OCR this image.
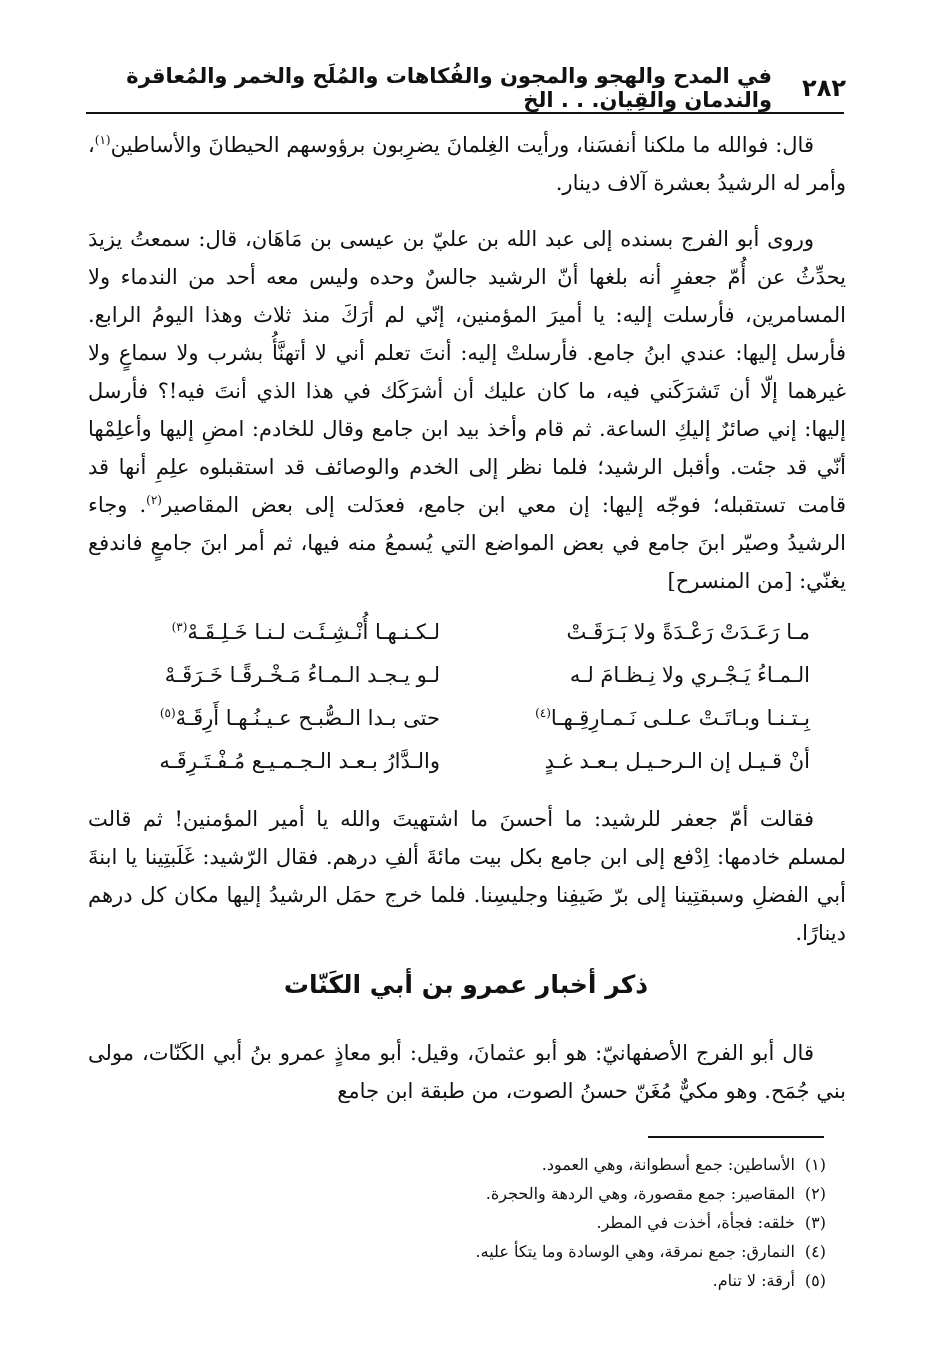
٢٨٢
في المدح والهجو والمجون والفُكاهات والمُلَح والخمر والمُعاقرة والندمان والقِيان. . . الخ

قال: فوالله ما ملكنا أنفسَنا، ورأيت الغِلمانَ يضرِبون برؤوسهم الحيطانَ والأساطين$^{(١)}$، وأمر له الرشيدُ بعشرة آلاف دينار.

وروى أبو الفرج بسنده إلى عبد الله بن عليّ بن عيسى بن مَاهَان، قال: سمعتُ يزيدَ يحدِّثُ عن أُمّ جعفرٍ أنه بلغها أنّ الرشيد جالسٌ وحده وليس معه أحد من الندماء ولا المسامرين، فأرسلت إليه: يا أميرَ المؤمنين، إنّي لم أرَكَ منذ ثلاث وهذا اليومُ الرابع. فأرسل إليها: عندي ابنُ جامع. فأرسلتْ إليه: أنتَ تعلم أني لا أتهنَّأُ بشرب ولا سماعٍ ولا غيرهما إلّا أن تَشرَكَني فيه، ما كان عليك أن أشرَكَك في هذا الذي أنتَ فيه!؟ فأرسل إليها: إني صائرٌ إليكِ الساعة. ثم قام وأخذ بيد ابن جامع وقال للخادم: امضِ إليها وأعلِمْها أنّي قد جئت. وأقبل الرشيد؛ فلما نظر إلى الخدم والوصائف قد استقبلوه علِمِ أنها قد قامت تستقبله؛ فوجّه إليها: إن معي ابن جامع، فعدَلت إلى بعض المقاصير$^{(٢)}$. وجاء الرشيدُ وصيّر ابنَ جامع في بعض المواضع التي يُسمعُ منه فيها، ثم أمر ابنَ جامعٍ فاندفع يغنّي: [من المنسرح]

مـا رَعَـدَتْ رَعْـدَةً ولا بَـرَقَـتْ
لـكـنـهـا أُنْـشِـئَـت لـنـا خَـلِـقَـهْ$^{(٣)}$
الـمـاءُ يَـجْـري ولا نِـظـامَ لـه
لـو يـجـد الـمـاءُ مَـخْـرقًـا خَـرَقَـهْ
بِـتـنـا وبـاتَـتْ عـلـى نَـمـارِقِـهـا$^{(٤)}$
حتى بـدا الـصُّبـح عـيـنُـهـا أَرِقَـهْ$^{(٥)}$
أنْ قـيـل إن الـرحـيـل بـعـد غـدٍ
والـدَّارُ بـعـد الـجـمـيـع مُـفْـتَـرِقَـه

فقالت أمّ جعفر للرشيد: ما أحسنَ ما اشتهيتَ والله يا أمير المؤمنين! ثم قالت لمسلم خادمها: اِدْفع إلى ابن جامع بكل بيت مائةَ ألفِ درهم. فقال الرّشيد: غَلَبتِينا يا ابنةَ أبي الفضلِ وسبقتِينا إلى برّ ضَيفِنا وجليسِنا. فلما خرج حمَل الرشيدُ إليها مكان كل درهم دينارًا.

ذكر أخبار عمرو بن أبي الكَنّات

قال أبو الفرج الأصفهانيّ: هو أبو عثمانَ، وقيل: أبو معاذٍ عمرو بنُ أبي الكَنّات، مولى بني جُمَح. وهو مكيٌّ مُغَنّ حسنُ الصوت، من طبقة ابن جامع

(١)الأساطين: جمع أسطوانة، وهي العمود.
(٢)المقاصير: جمع مقصورة، وهي الردهة والحجرة.
(٣)خلقه: فجأة، أخذت في المطر.
(٤)النمارق: جمع نمرقة، وهي الوسادة وما يتكأ عليه.
(٥)أرقة: لا تنام.
